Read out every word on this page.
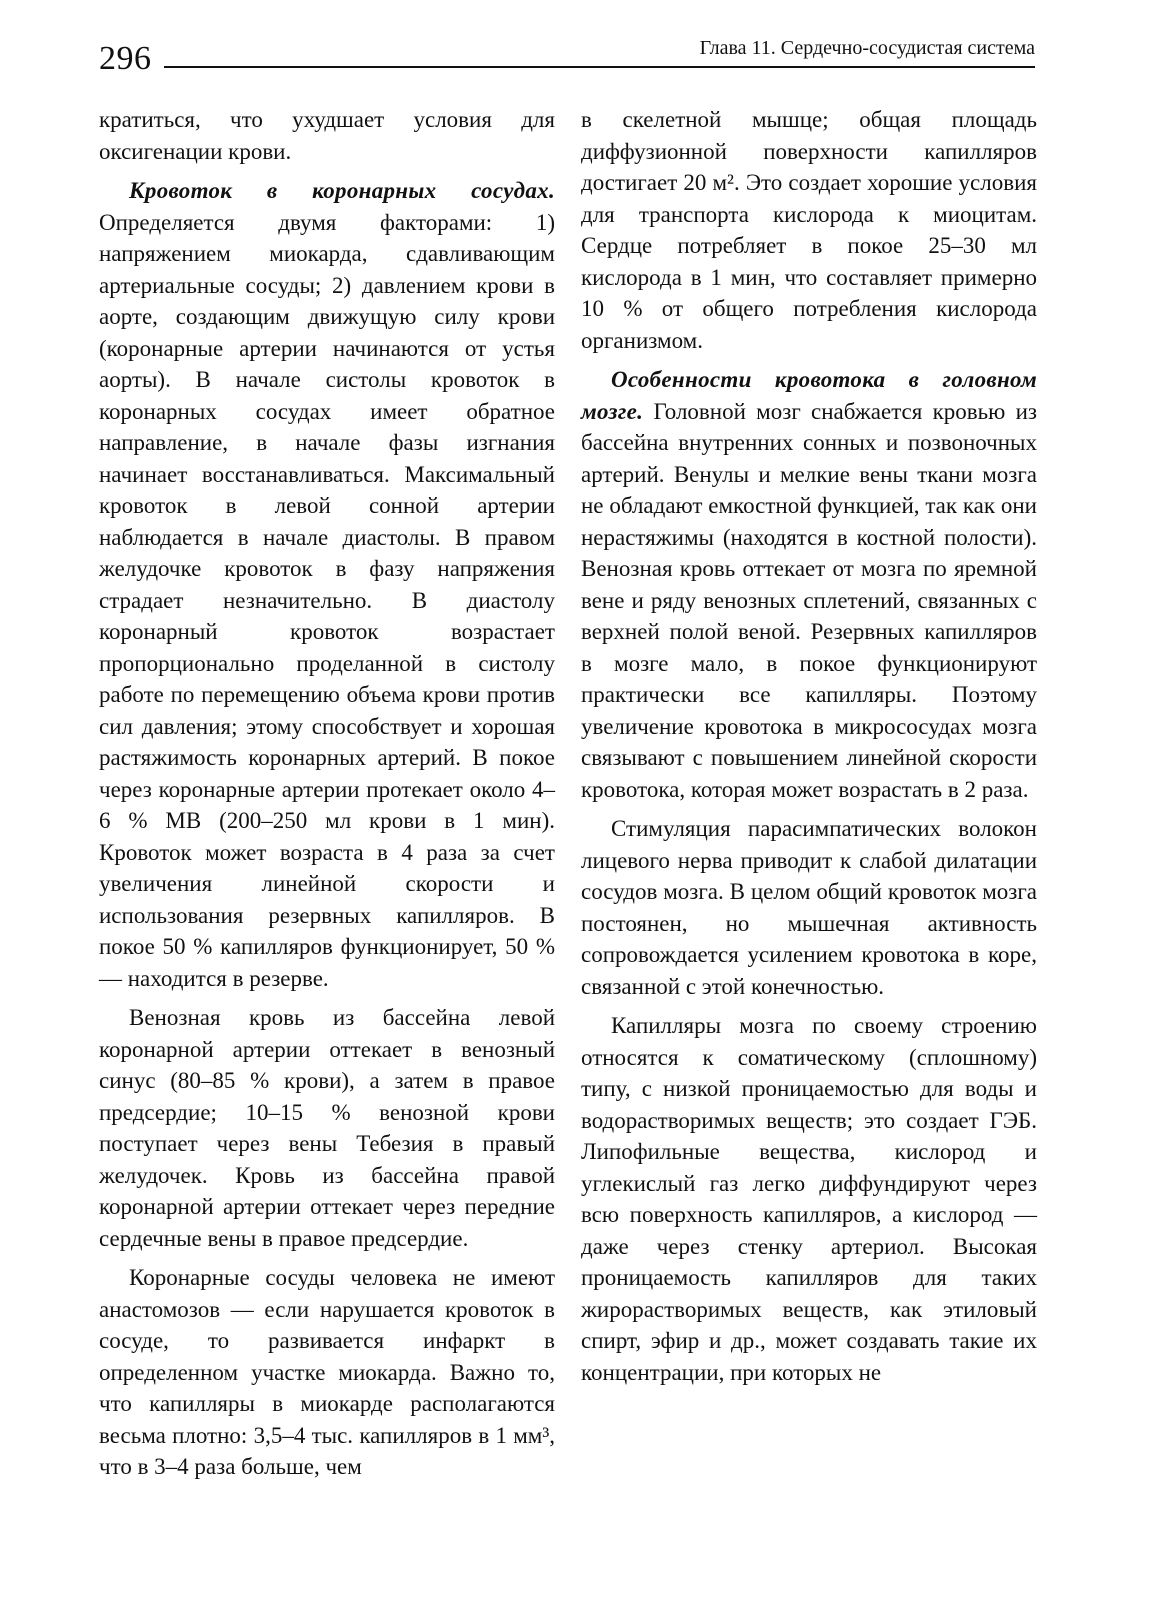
296	Глава 11. Сердечно-сосудистая система

кратиться, что ухудшает условия для оксигенации крови.

Кровоток в коронарных сосудах. Определяется двумя факторами: 1) напряжением миокарда, сдавливающим артериальные сосуды; 2) давлением крови в аорте, создающим движущую силу крови (коронарные артерии начинаются от устья аорты). В начале систолы кровоток в коронарных сосудах имеет обратное направление, в начале фазы изгнания начинает восстанавливаться. Максимальный кровоток в левой сонной артерии наблюдается в начале диастолы. В правом желудочке кровоток в фазу напряжения страдает незначительно. В диастолу коронарный кровоток возрастает пропорционально проделанной в систолу работе по перемещению объема крови против сил давления; этому способствует и хорошая растяжимость коронарных артерий. В покое через коронарные артерии протекает около 4–6 % МВ (200–250 мл крови в 1 мин). Кровоток может возраста в 4 раза за счет увеличения линейной скорости и использования резервных капилляров. В покое 50 % капилляров функционирует, 50 % — находится в резерве.

Венозная кровь из бассейна левой коронарной артерии оттекает в венозный синус (80–85 % крови), а затем в правое предсердие; 10–15 % венозной крови поступает через вены Тебезия в правый желудочек. Кровь из бассейна правой коронарной артерии оттекает через передние сердечные вены в правое предсердие.

Коронарные сосуды человека не имеют анастомозов — если нарушается кровоток в сосуде, то развивается инфаркт в определенном участке миокарда. Важно то, что капилляры в миокарде располагаются весьма плотно: 3,5–4 тыс. капилляров в 1 мм³, что в 3–4 раза больше, чем

в скелетной мышце; общая площадь диффузионной поверхности капилляров достигает 20 м². Это создает хорошие условия для транспорта кислорода к миоцитам. Сердце потребляет в покое 25–30 мл кислорода в 1 мин, что составляет примерно 10 % от общего потребления кислорода организмом.

Особенности кровотока в головном мозге. Головной мозг снабжается кровью из бассейна внутренних сонных и позвоночных артерий. Венулы и мелкие вены ткани мозга не обладают емкостной функцией, так как они нерастяжимы (находятся в костной полости). Венозная кровь оттекает от мозга по яремной вене и ряду венозных сплетений, связанных с верхней полой веной. Резервных капилляров в мозге мало, в покое функционируют практически все капилляры. Поэтому увеличение кровотока в микрососудах мозга связывают с повышением линейной скорости кровотока, которая может возрастать в 2 раза.

Стимуляция парасимпатических волокон лицевого нерва приводит к слабой дилатации сосудов мозга. В целом общий кровоток мозга постоянен, но мышечная активность сопровождается усилением кровотока в коре, связанной с этой конечностью.

Капилляры мозга по своему строению относятся к соматическому (сплошному) типу, с низкой проницаемостью для воды и водорастворимых веществ; это создает ГЭБ. Липофильные вещества, кислород и углекислый газ легко диффундируют через всю поверхность капилляров, а кислород — даже через стенку артериол. Высокая проницаемость капилляров для таких жирорастворимых веществ, как этиловый спирт, эфир и др., может создавать такие их концентрации, при которых не
